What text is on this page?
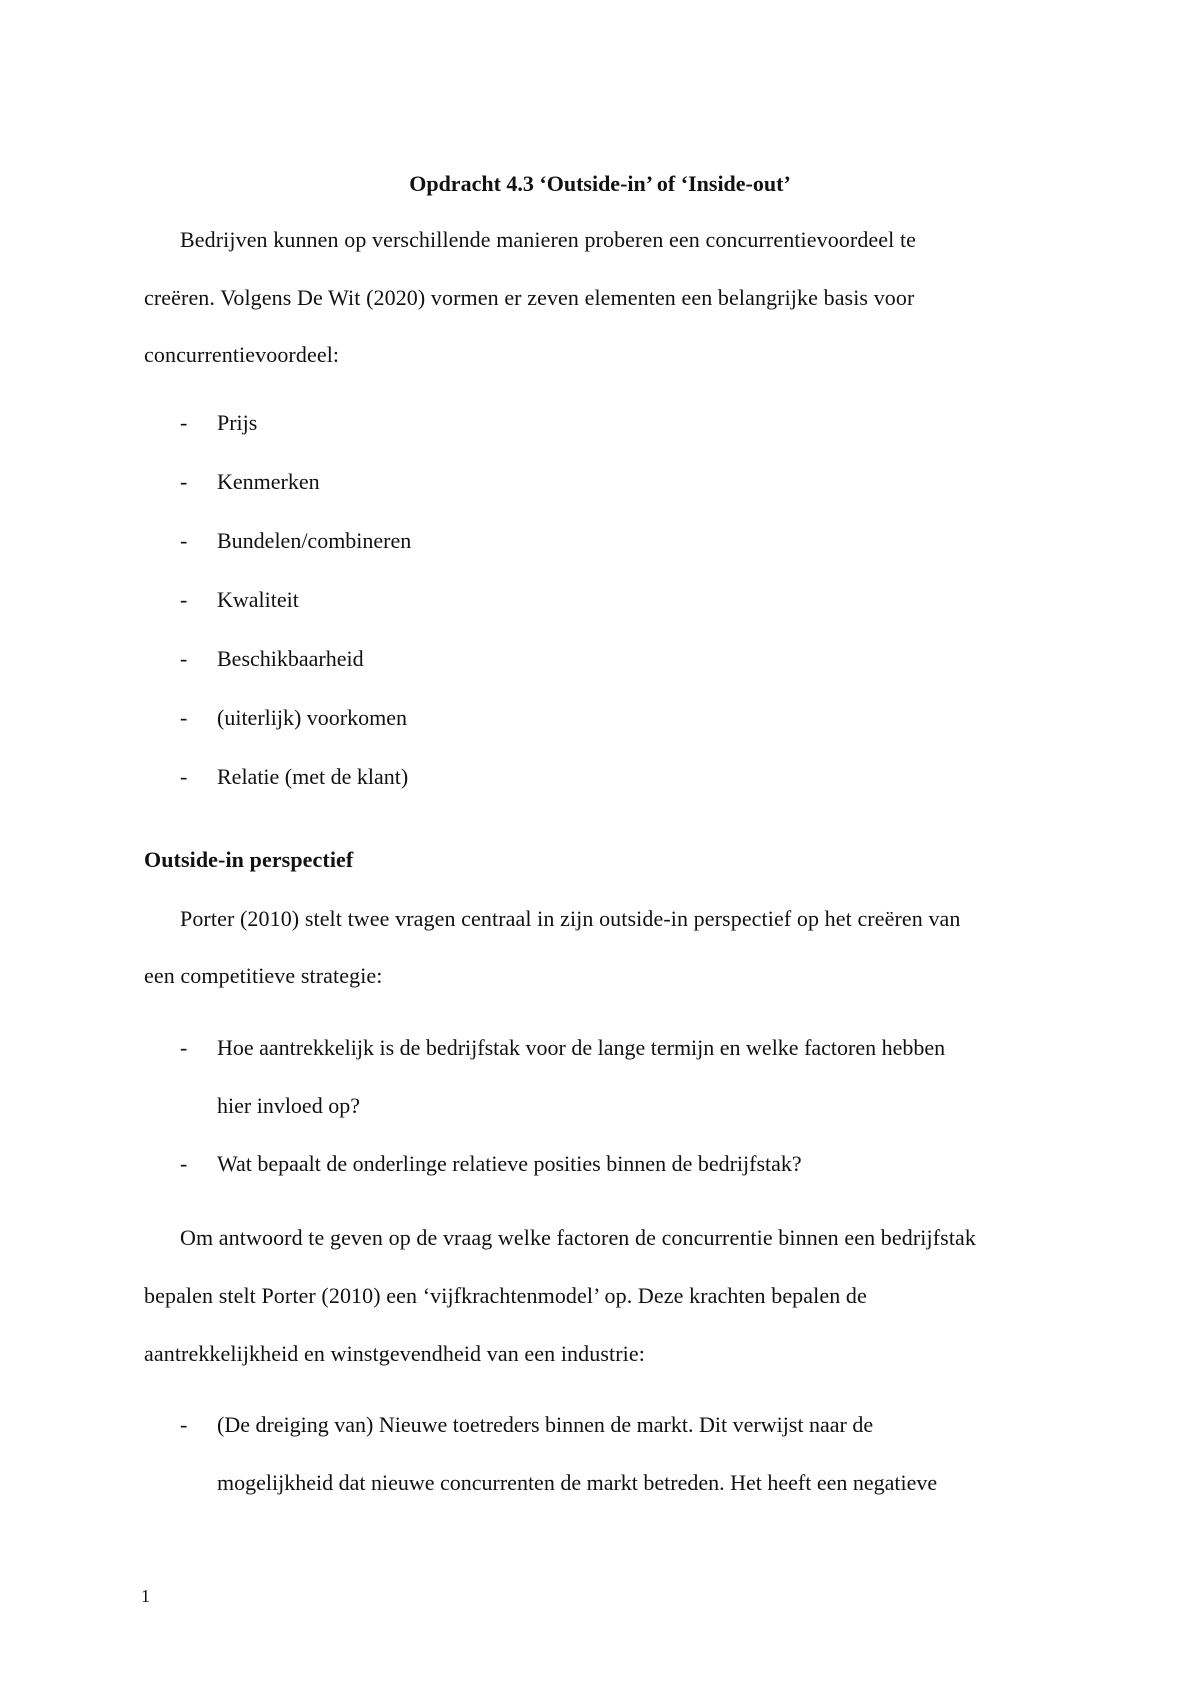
Opdracht 4.3 ‘Outside-in’ of ‘Inside-out’
Bedrijven kunnen op verschillende manieren proberen een concurrentievoordeel te
creëren. Volgens De Wit (2020) vormen er zeven elementen een belangrijke basis voor
concurrentievoordeel:
- Prijs
- Kenmerken
- Bundelen/combineren
- Kwaliteit
- Beschikbaarheid
- (uiterlijk) voorkomen
- Relatie (met de klant)
Outside-in perspectief
Porter (2010) stelt twee vragen centraal in zijn outside-in perspectief op het creëren van
een competitieve strategie:
- Hoe aantrekkelijk is de bedrijfstak voor de lange termijn en welke factoren hebben
hier invloed op?
- Wat bepaalt de onderlinge relatieve posities binnen de bedrijfstak?
Om antwoord te geven op de vraag welke factoren de concurrentie binnen een bedrijfstak
bepalen stelt Porter (2010) een ‘vijfkrachtenmodel’ op. Deze krachten bepalen de
aantrekkelijkheid en winstgevendheid van een industrie:
- (De dreiging van) Nieuwe toetreders binnen de markt. Dit verwijst naar de
mogelijkheid dat nieuwe concurrenten de markt betreden. Het heeft een negatieve
1
